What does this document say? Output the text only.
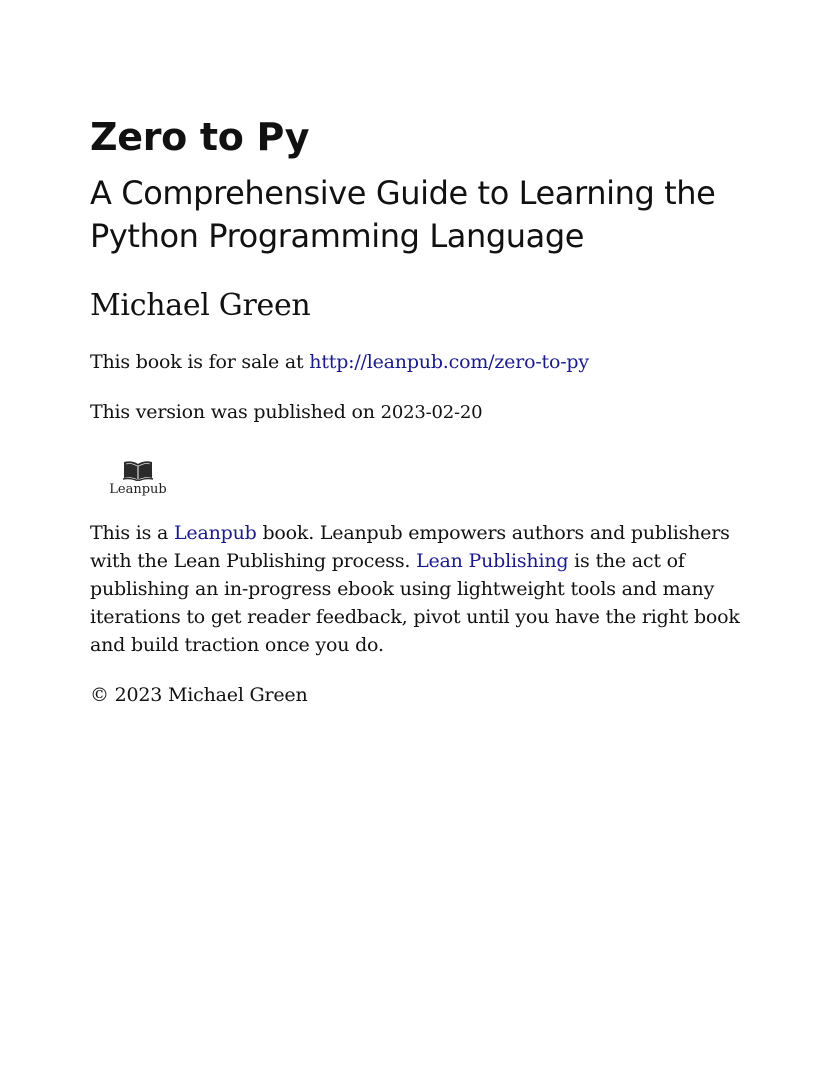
Zero to Py
A Comprehensive Guide to Learning the Python Programming Language

Michael Green

This book is for sale at http://leanpub.com/zero-to-py

This version was published on 2023-02-20

Leanpub

This is a Leanpub book. Leanpub empowers authors and publishers with the Lean Publishing process. Lean Publishing is the act of publishing an in-progress ebook using lightweight tools and many iterations to get reader feedback, pivot until you have the right book and build traction once you do.

© 2023 Michael Green
